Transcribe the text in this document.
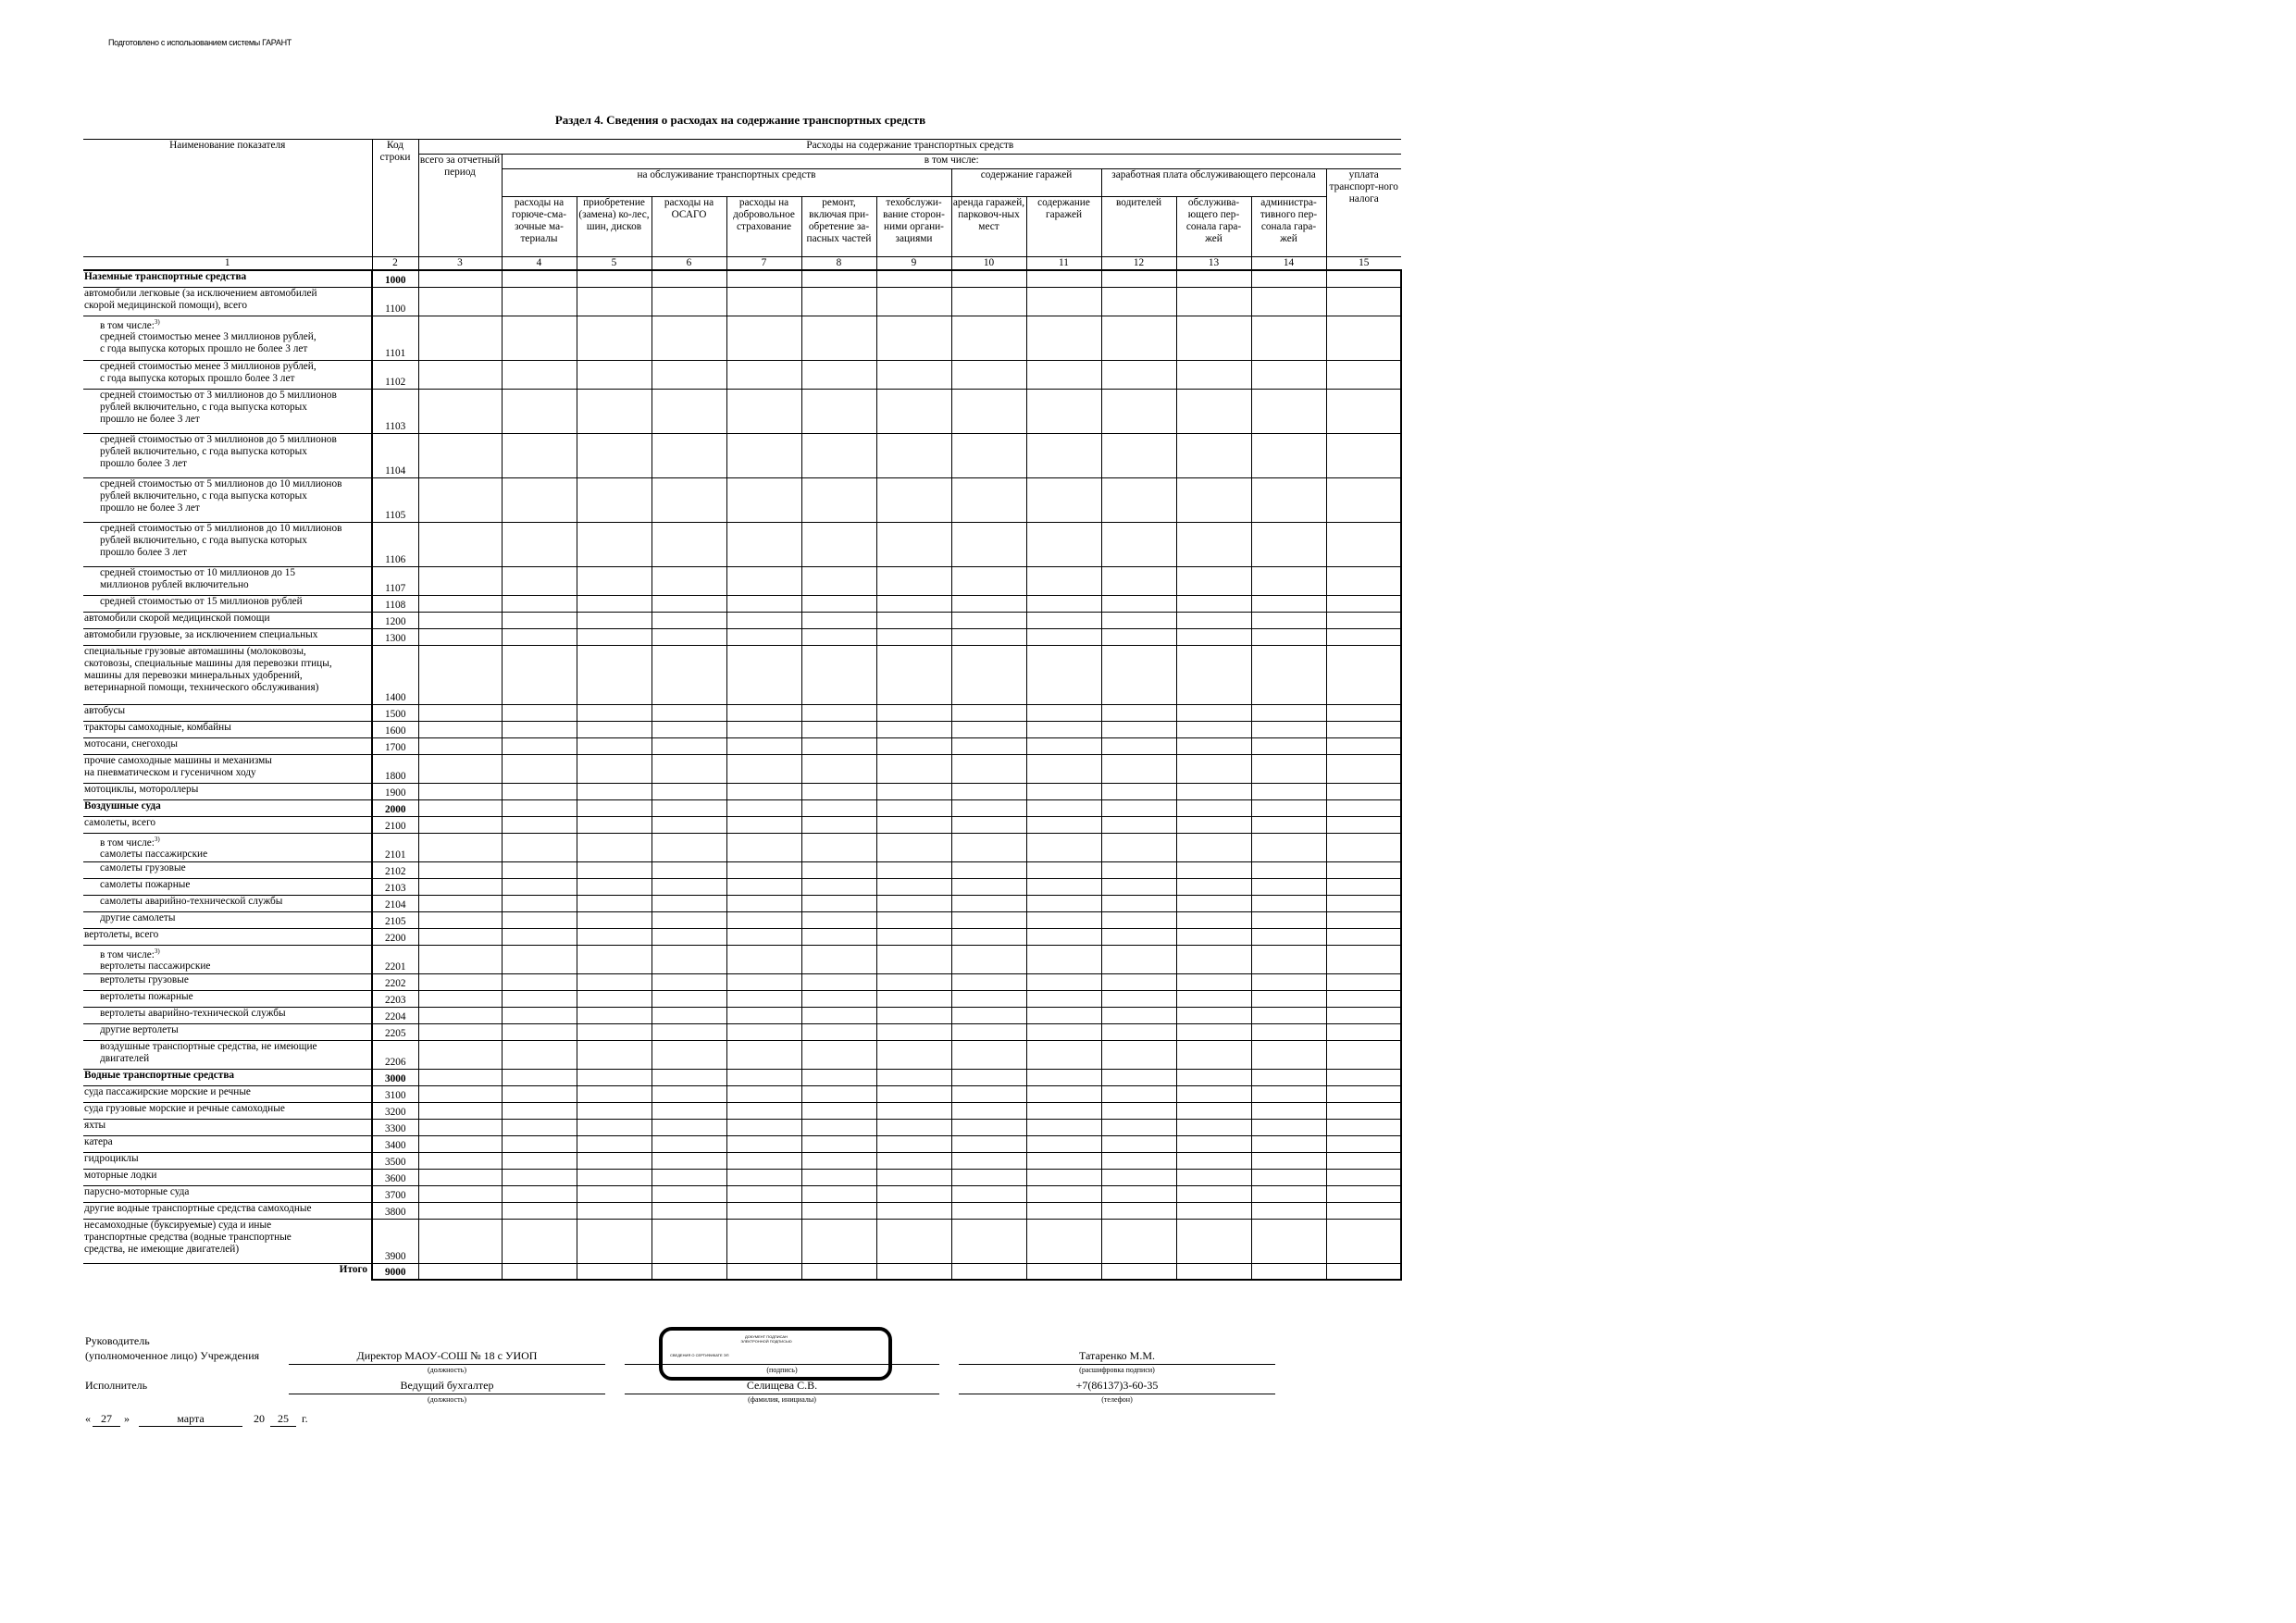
Подготовлено с использованием системы ГАРАНТ
Раздел 4. Сведения о расходах на содержание транспортных средств
Наименование показателя	Код строки	Расходы на содержание транспортных средств												
		всего за отчетный период	в том числе:											
			на обслуживание транспортных средств						содержание гаражей		заработная плата обслуживающего персонала			уплата транспорт-ного налога
			расходы на горюче-сма-зочные ма-териалы	приобретение (замена) ко-лес, шин, дисков	расходы на ОСАГО	расходы на добровольное страхование	ремонт, включая при-обретение за-пасных частей	техобслужи-вание сторон-ними органи-зациями	аренда гаражей, парковоч-ных мест	содержание гаражей	водителей	обслужива-ющего пер-сонала гара-жей	администра-тивного пер-сонала гара-жей	
1	2	3	4	5	6	7	8	9	10	11	12	13	14	15
Наземные транспортные средства	1000													
автомобили легковые (за исключением автомобилей
скорой медицинской помощи), всего	1100													
в том числе:$^{3)}$
средней стоимостью менее 3 миллионов рублей,
с года выпуска которых прошло не более 3 лет	1101													
средней стоимостью менее 3 миллионов рублей,
с года выпуска которых прошло более 3 лет	1102													
средней стоимостью от 3 миллионов до 5 миллионов
рублей включительно, с года выпуска которых
прошло не более 3 лет	1103													
средней стоимостью от 3 миллионов до 5 миллионов
рублей включительно, с года выпуска которых
прошло более 3 лет	1104													
средней стоимостью от 5 миллионов до 10 миллионов
рублей включительно, с года выпуска которых
прошло не более 3 лет	1105													
средней стоимостью от 5 миллионов до 10 миллионов
рублей включительно, с года выпуска которых
прошло более 3 лет	1106													
средней стоимостью от 10 миллионов до 15
миллионов рублей включительно	1107													
средней стоимостью от 15 миллионов рублей	1108													
автомобили скорой медицинской помощи	1200													
автомобили грузовые, за исключением специальных	1300													
специальные грузовые автомашины (молоковозы,
скотовозы, специальные машины для перевозки птицы,
машины для перевозки минеральных удобрений,
ветеринарной помощи, технического обслуживания)	1400													
автобусы	1500													
тракторы самоходные, комбайны	1600													
мотосани, снегоходы	1700													
прочие самоходные машины и механизмы
на пневматическом и гусеничном ходу	1800													
мотоциклы, мотороллеры	1900													
Воздушные суда	2000													
самолеты, всего	2100													
в том числе:$^{3)}$
самолеты пассажирские	2101													
самолеты грузовые	2102													
самолеты пожарные	2103													
самолеты аварийно-технической службы	2104													
другие самолеты	2105													
вертолеты, всего	2200													
в том числе:$^{3)}$
вертолеты пассажирские	2201													
вертолеты грузовые	2202													
вертолеты пожарные	2203													
вертолеты аварийно-технической службы	2204													
другие вертолеты	2205													
воздушные транспортные средства, не имеющие
двигателей	2206													
Водные транспортные средства	3000													
суда пассажирские морские и речные	3100													
суда грузовые морские и речные самоходные	3200													
яхты	3300													
катера	3400													
гидроциклы	3500													
моторные лодки	3600													
парусно-моторные суда	3700													
другие водные транспортные средства самоходные	3800													
несамоходные (буксируемые) суда и иные
транспортные средства (водные транспортные
средства, не имеющие двигателей)	3900													
Итого	9000													
Руководитель
(уполномоченное лицо) Учреждения	Директор МАОУ-СОШ № 18 с УИОП
(должность)	(подпись)
ДОКУМЕНТ ПОДПИСАН
ЭЛЕКТРОННОЙ ПОДПИСЬЮ
СВЕДЕНИЯ О СЕРТИФИКАТЕ ЭП	Татаренко М.М.
(расшифровка подписи)
Исполнитель	Ведущий бухгалтер
(должность)
Селищева С.В.
(фамилия, инициалы)
+7(86137)3-60-35
(телефон)
« 27	»	марта	20	25	г.
